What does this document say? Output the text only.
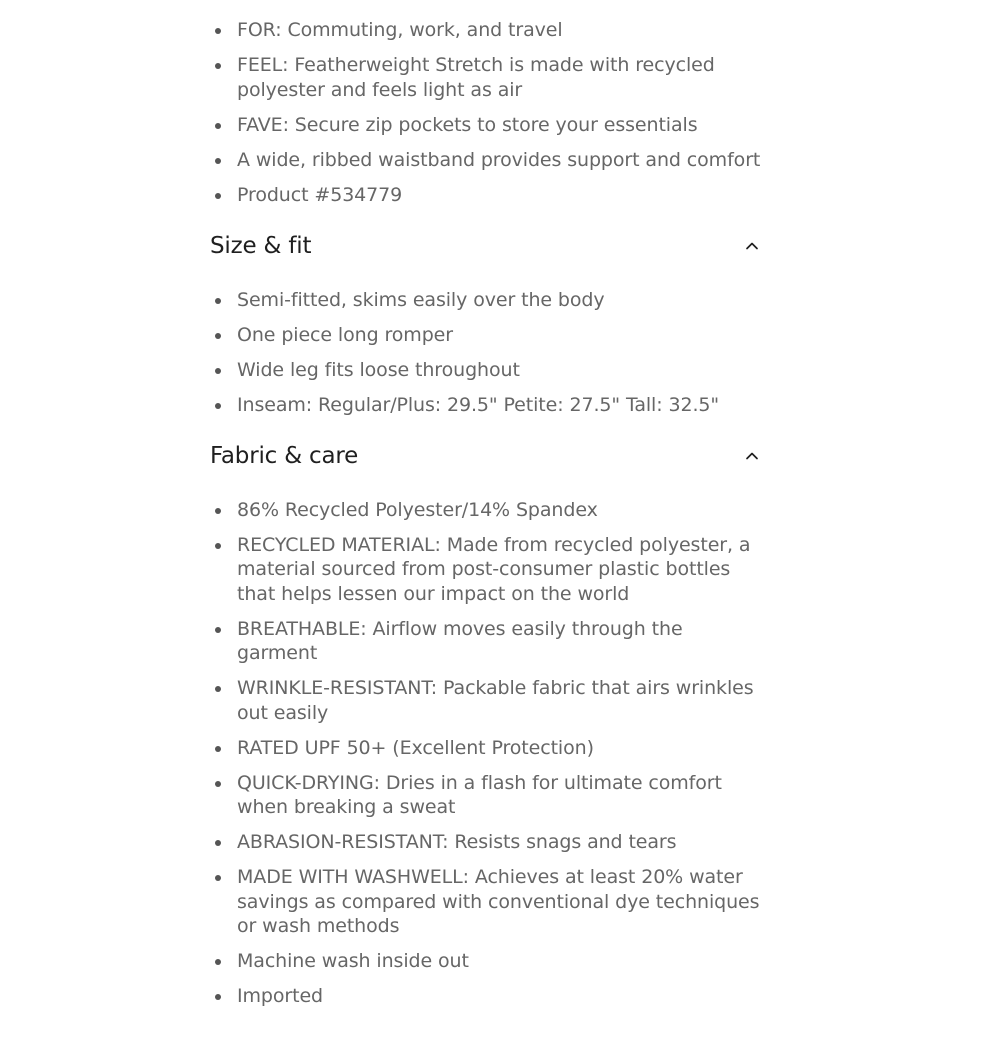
FOR: Commuting, work, and travel
FEEL: Featherweight Stretch is made with recycled polyester and feels light as air
FAVE: Secure zip pockets to store your essentials
A wide, ribbed waistband provides support and comfort
Product #534779
Size & fit
Semi-fitted, skims easily over the body
One piece long romper
Wide leg fits loose throughout
Inseam: Regular/Plus: 29.5" Petite: 27.5" Tall: 32.5"
Fabric & care
86% Recycled Polyester/14% Spandex
RECYCLED MATERIAL: Made from recycled polyester, a material sourced from post-consumer plastic bottles that helps lessen our impact on the world
BREATHABLE: Airflow moves easily through the garment
WRINKLE-RESISTANT: Packable fabric that airs wrinkles out easily
RATED UPF 50+ (Excellent Protection)
QUICK-DRYING: Dries in a flash for ultimate comfort when breaking a sweat
ABRASION-RESISTANT: Resists snags and tears
MADE WITH WASHWELL: Achieves at least 20% water savings as compared with conventional dye techniques or wash methods
Machine wash inside out
Imported
